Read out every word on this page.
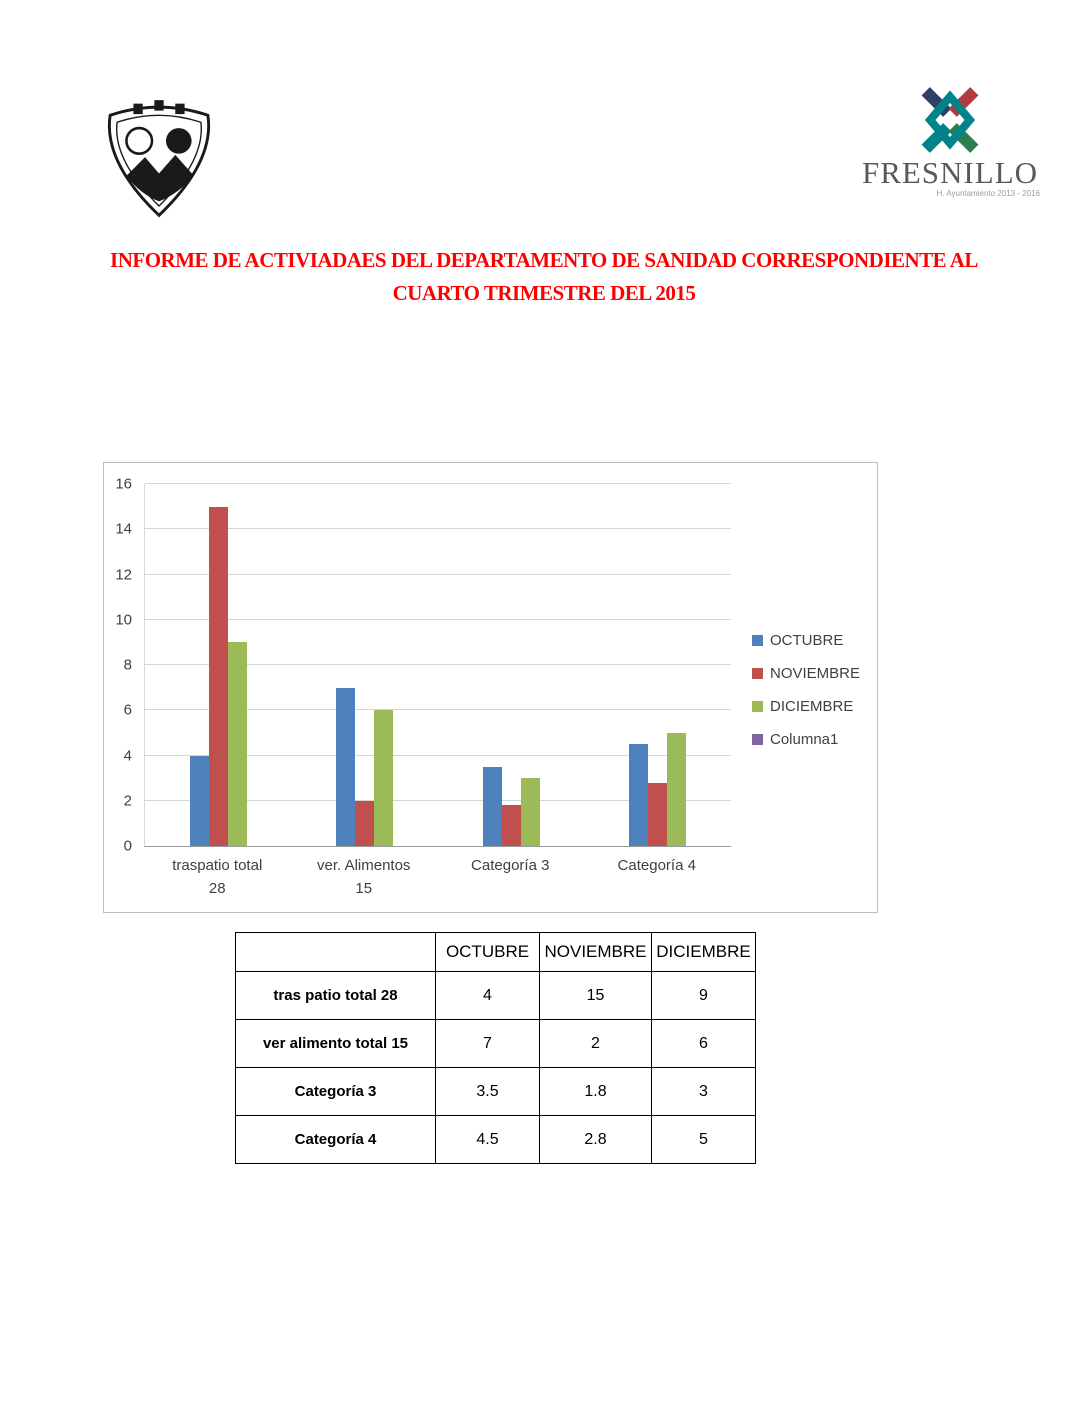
FRESNILLO
H. Ayuntamiento 2013 - 2016
INFORME DE ACTIVIADAES DEL DEPARTAMENTO DE SANIDAD CORRESPONDIENTE AL
CUARTO TRIMESTRE DEL 2015
0
2
4
6
8
10
12
14
16
traspatio total
28
ver. Alimentos
15
Categoría 3	Categoría 4
OCTUBRE
NOVIEMBRE
DICIEMBRE
Columna1
	OCTUBRE	NOVIEMBRE	DICIEMBRE
tras patio total 28	4	15	9
ver alimento total 15	7	2	6
Categoría 3	3.5	1.8	3
Categoría 4	4.5	2.8	5
